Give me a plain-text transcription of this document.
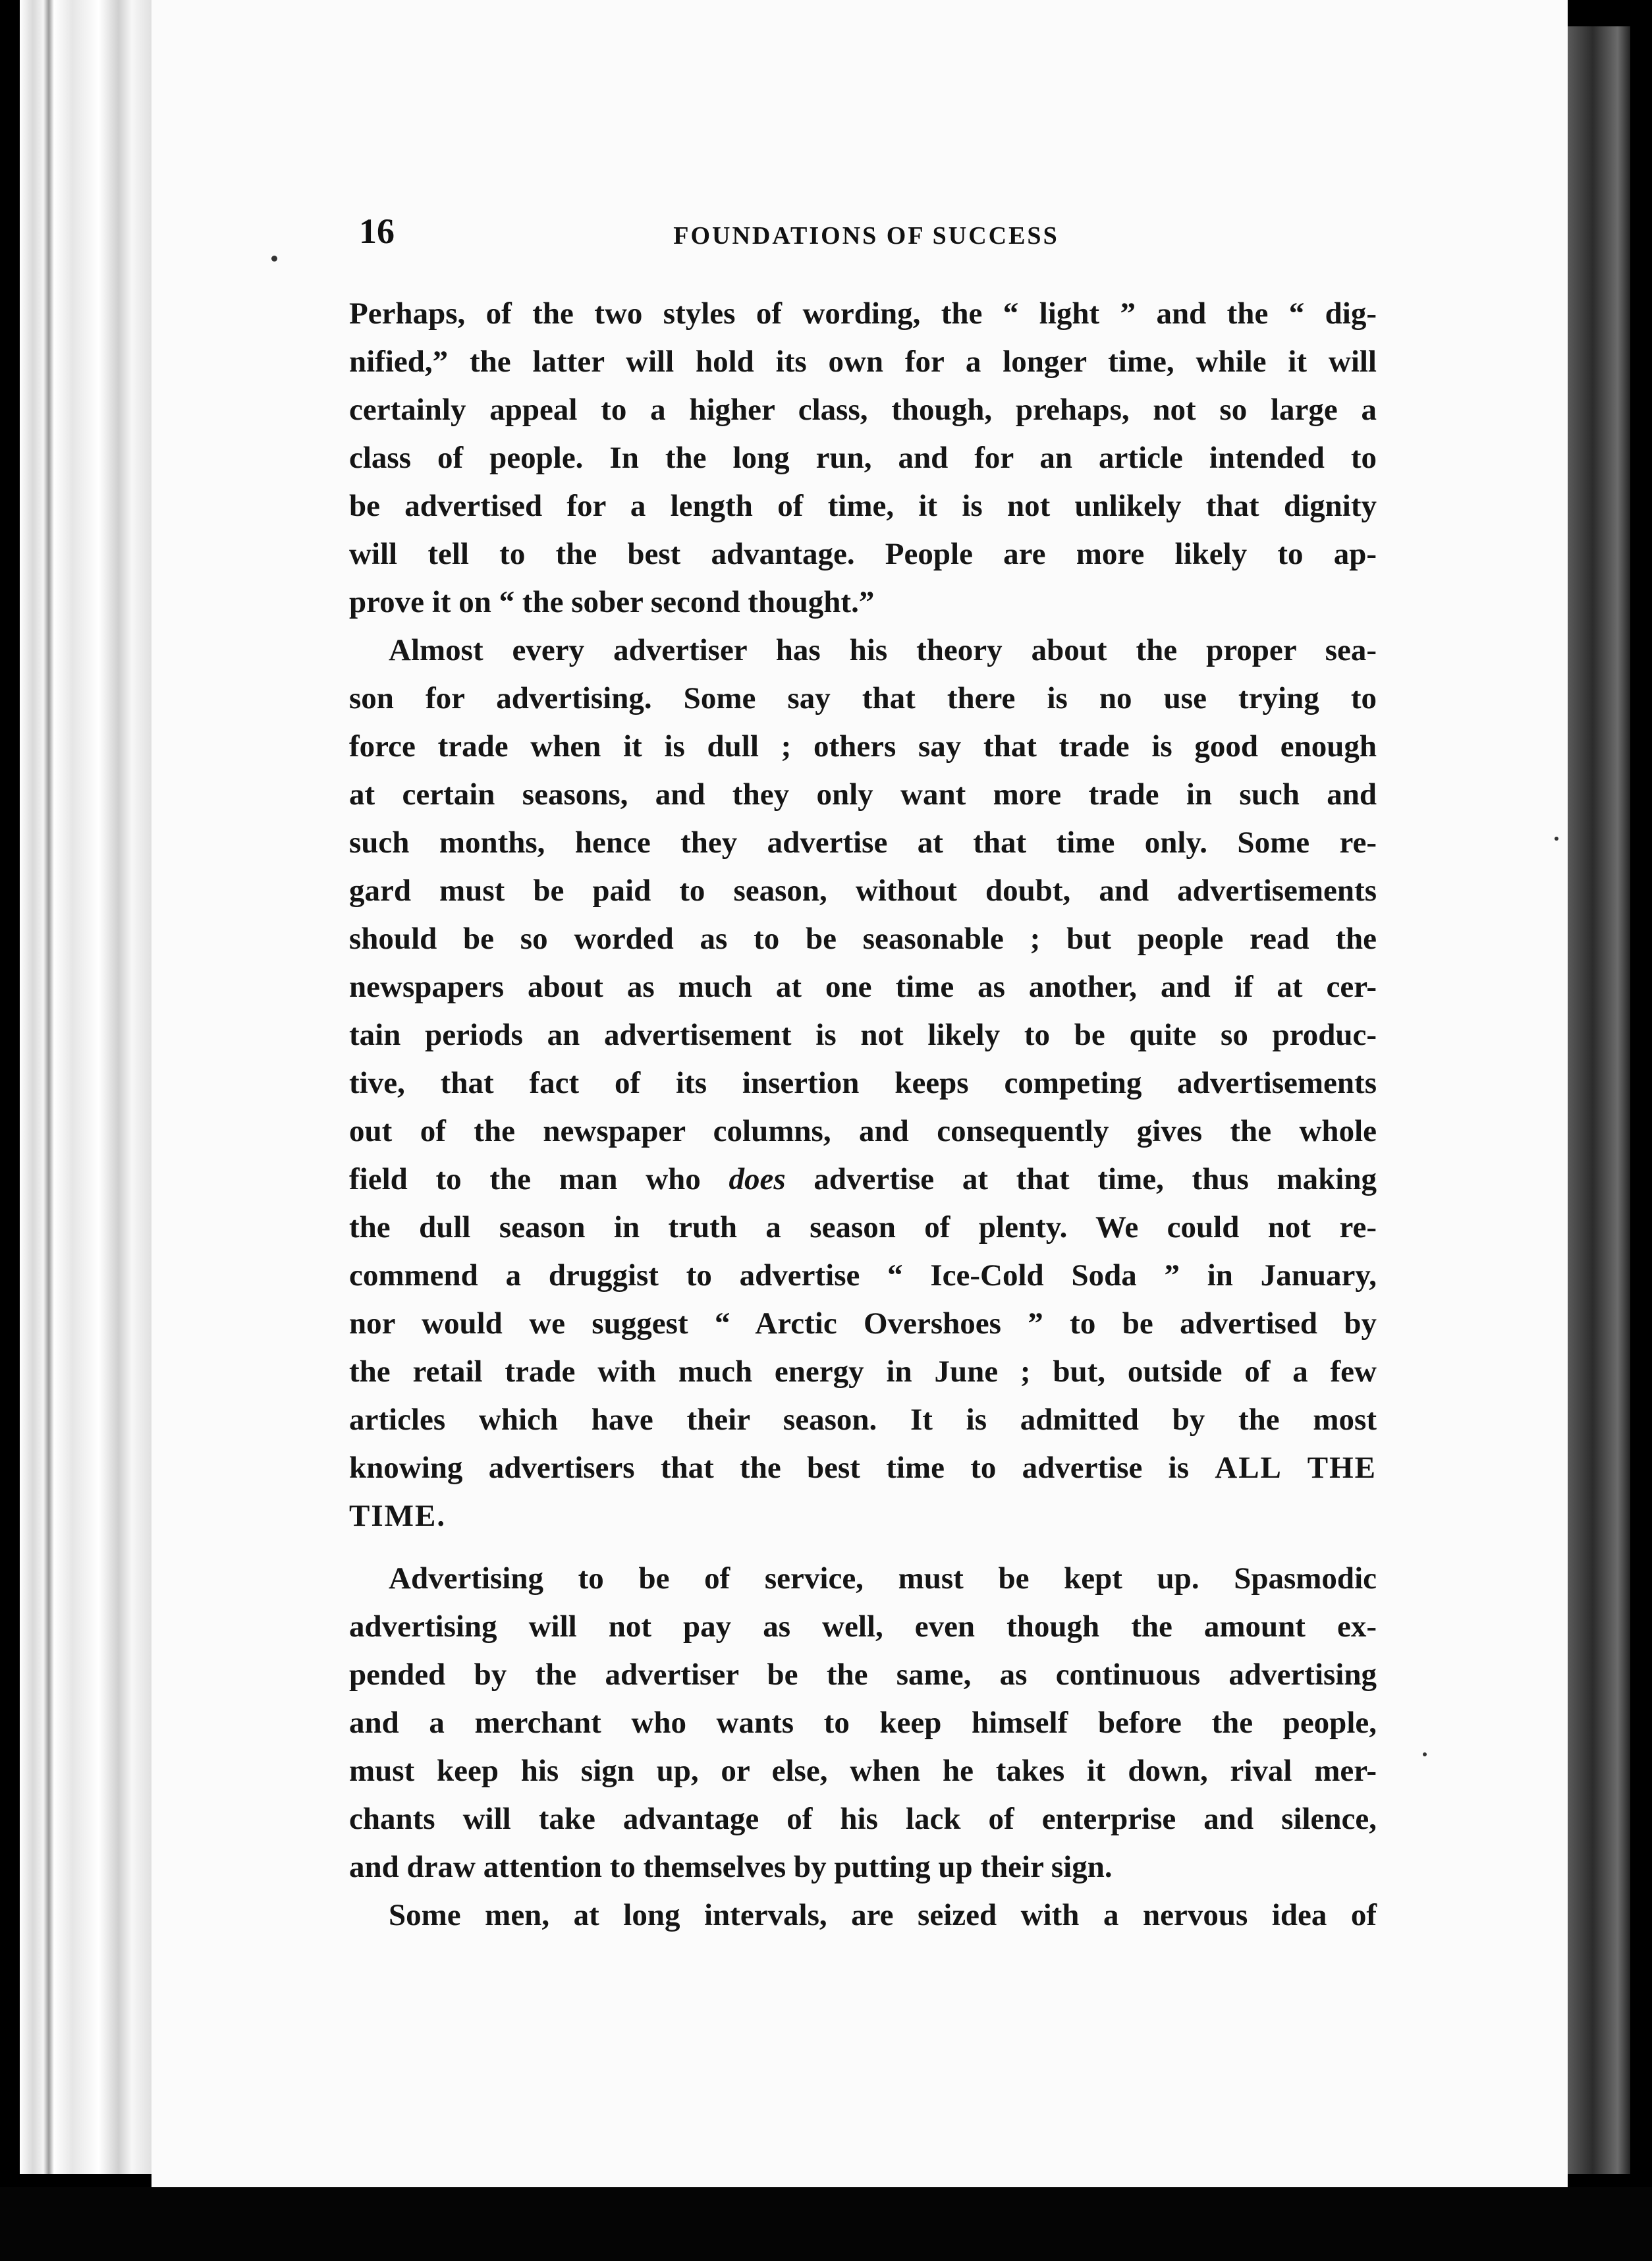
16	FOUNDATIONS OF SUCCESS
Perhaps, of the two styles of wording, the “ light ” and the “ dig-
nified,” the latter will hold its own for a longer time, while it will
certainly appeal to a higher class, though, prehaps, not so large a
class of people. In the long run, and for an article intended to
be advertised for a length of time, it is not unlikely that dignity
will tell to the best advantage. People are more likely to ap-
prove it on “ the sober second thought.”
Almost every advertiser has his theory about the proper sea-
son for advertising. Some say that there is no use trying to
force trade when it is dull ; others say that trade is good enough
at certain seasons, and they only want more trade in such and
such months, hence they advertise at that time only. Some re-
gard must be paid to season, without doubt, and advertisements
should be so worded as to be seasonable ; but people read the
newspapers about as much at one time as another, and if at cer-
tain periods an advertisement is not likely to be quite so produc-
tive, that fact of its insertion keeps competing advertisements
out of the newspaper columns, and consequently gives the whole
field to the man who does advertise at that time, thus making
the dull season in truth a season of plenty. We could not re-
commend a druggist to advertise “ Ice-Cold Soda ” in January,
nor would we suggest “ Arctic Overshoes ” to be advertised by
the retail trade with much energy in June ; but, outside of a few
articles which have their season. It is admitted by the most
knowing advertisers that the best time to advertise is ALL THE
TIME.
Advertising to be of service, must be kept up. Spasmodic
advertising will not pay as well, even though the amount ex-
pended by the advertiser be the same, as continuous advertising
and a merchant who wants to keep himself before the people,
must keep his sign up, or else, when he takes it down, rival mer-
chants will take advantage of his lack of enterprise and silence,
and draw attention to themselves by putting up their sign.
Some men, at long intervals, are seized with a nervous idea of
